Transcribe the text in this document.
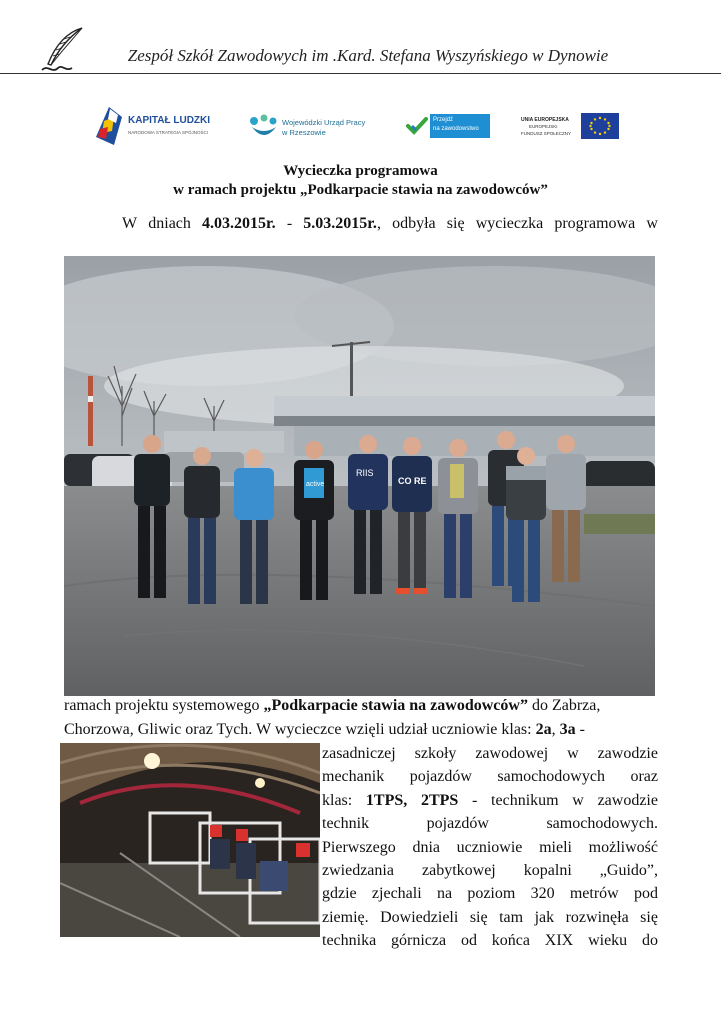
Zespół Szkół Zawodowych im .Kard. Stefana Wyszyńskiego w Dynowie
KAPITAŁ LUDZKI
NARODOWA STRATEGIA SPÓJNOŚCI
Wojewódzki Urząd Pracy
w Rzeszowie
Przejdź
na zawodowstwo
UNIA EUROPEJSKA
EUROPEJSKI
FUNDUSZ SPOŁECZNY
Wycieczka programowa
w ramach projektu „Podkarpacie stawia na zawodowców”
W dniach 4.03.2015r. - 5.03.2015r., odbyła się wycieczka programowa w
active
RIIS
CO RE
ramach projektu systemowego „Podkarpacie stawia na zawodowców” do Zabrza,
Chorzowa, Gliwic oraz Tych. W wycieczce wzięli udział uczniowie klas: 2a, 3a -
zasadniczej szkoły zawodowej w zawodzie
mechanik pojazdów samochodowych oraz
klas: 1TPS, 2TPS - technikum w zawodzie
technik	pojazdów	samochodowych.
Pierwszego dnia uczniowie mieli możliwość
zwiedzania zabytkowej kopalni „Guido”,
gdzie zjechali na poziom 320 metrów pod
ziemię. Dowiedzieli się tam jak rozwinęła się
technika górnicza od końca XIX wieku do
